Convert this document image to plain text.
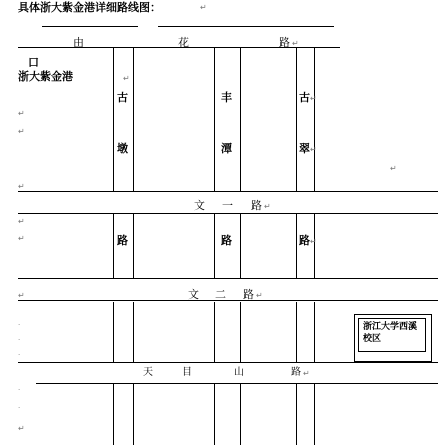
具体浙大紫金港详细路线图：	↵
由	花	路 ↵
口
浙大紫金港
↵
↵
↵
↵
↵
↵
·
·
·
·
·
↵
古
墩
丰
潭
古
翠
↵
↵
↵
↵
文 一 路 ↵
路	路	路 ↵
文 二 路 ↵
浙江大学西溪校区
天	目	山	路 ↵
